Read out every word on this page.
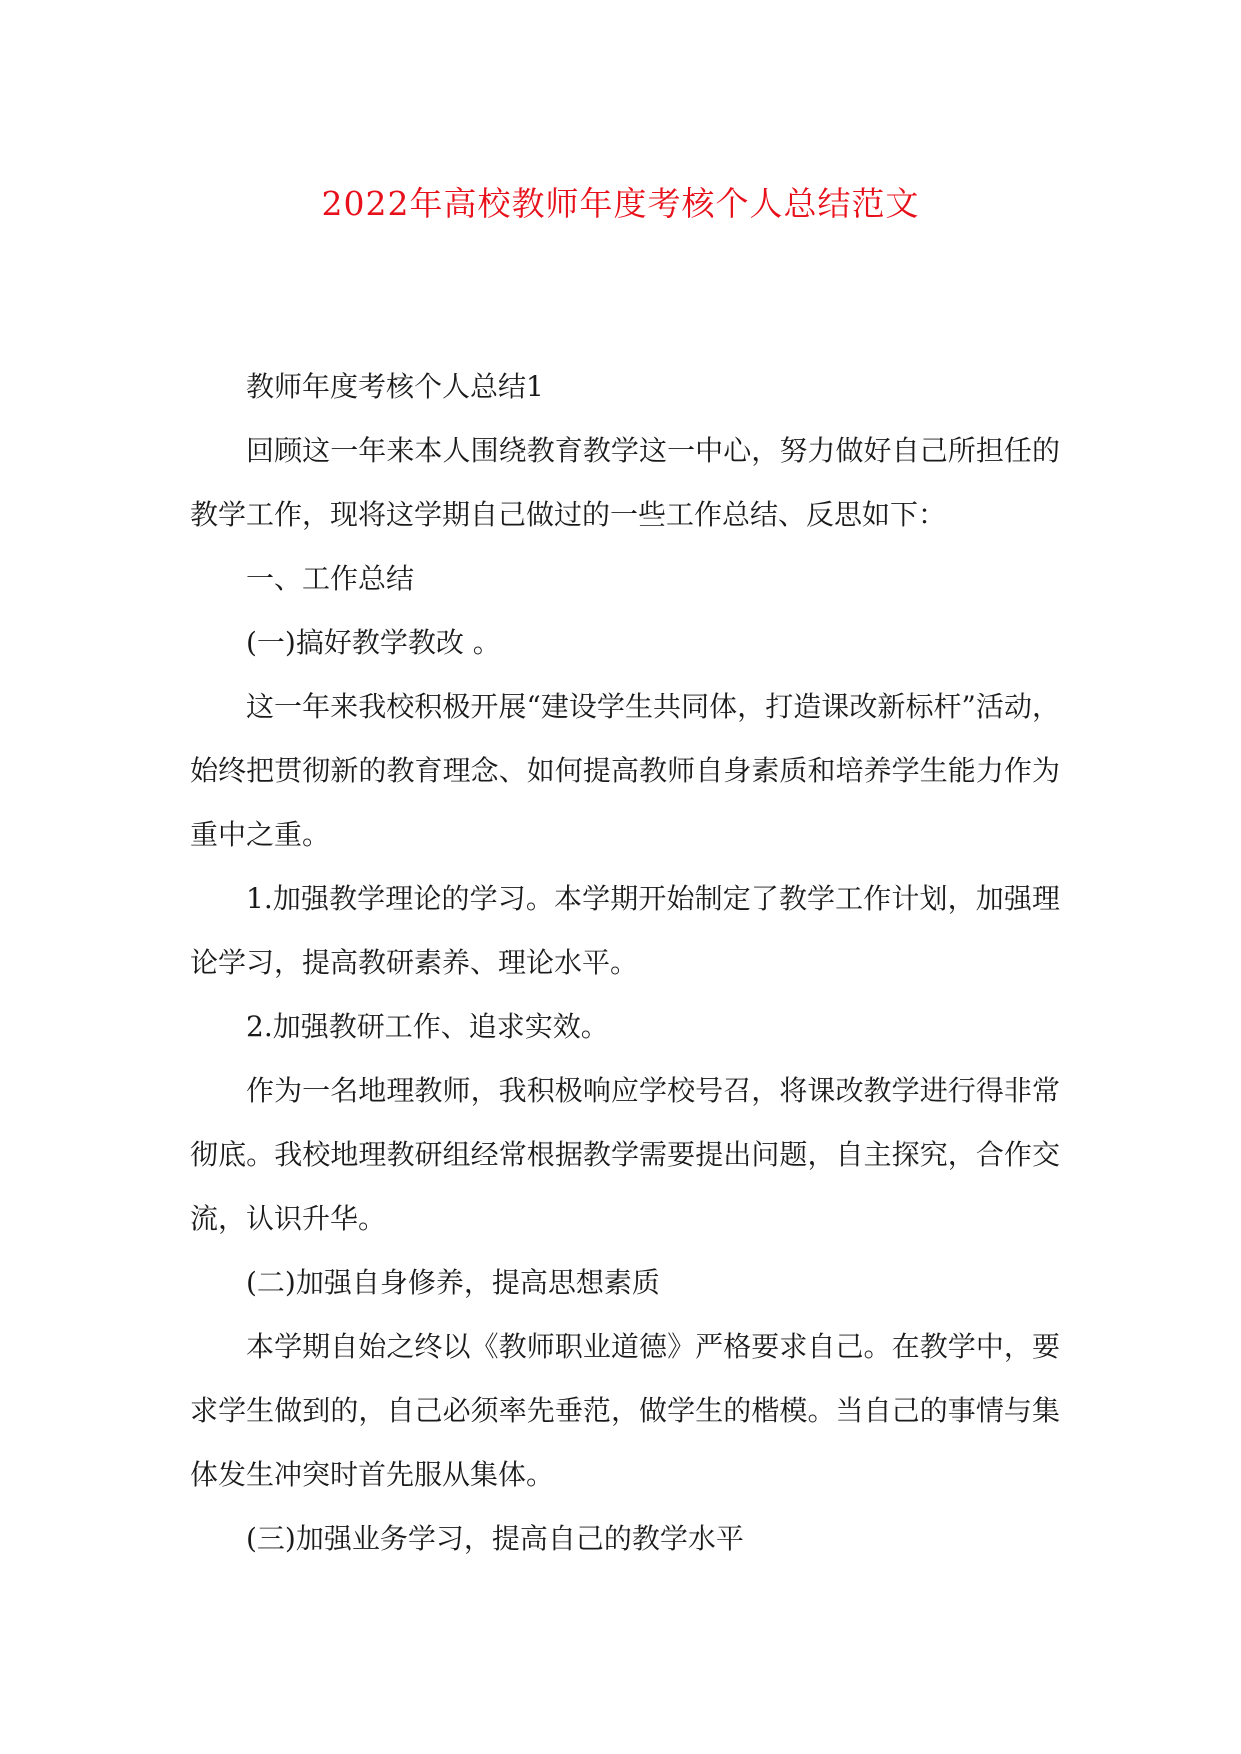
2022年高校教师年度考核个人总结范文

教师年度考核个人总结1

回顾这一年来本人围绕教育教学这一中心，努力做好自己所担任的教学工作，现将这学期自己做过的一些工作总结、反思如下：

一、工作总结

(一)搞好教学教改 。

这一年来我校积极开展“建设学生共同体，打造课改新标杆”活动，始终把贯彻新的教育理念、如何提高教师自身素质和培养学生能力作为重中之重。

1.加强教学理论的学习。本学期开始制定了教学工作计划，加强理论学习，提高教研素养、理论水平。

2.加强教研工作、追求实效。

作为一名地理教师，我积极响应学校号召，将课改教学进行得非常彻底。我校地理教研组经常根据教学需要提出问题，自主探究，合作交流，认识升华。

(二)加强自身修养，提高思想素质

本学期自始之终以《教师职业道德》严格要求自己。在教学中，要求学生做到的，自己必须率先垂范，做学生的楷模。当自己的事情与集体发生冲突时首先服从集体。

(三)加强业务学习，提高自己的教学水平
